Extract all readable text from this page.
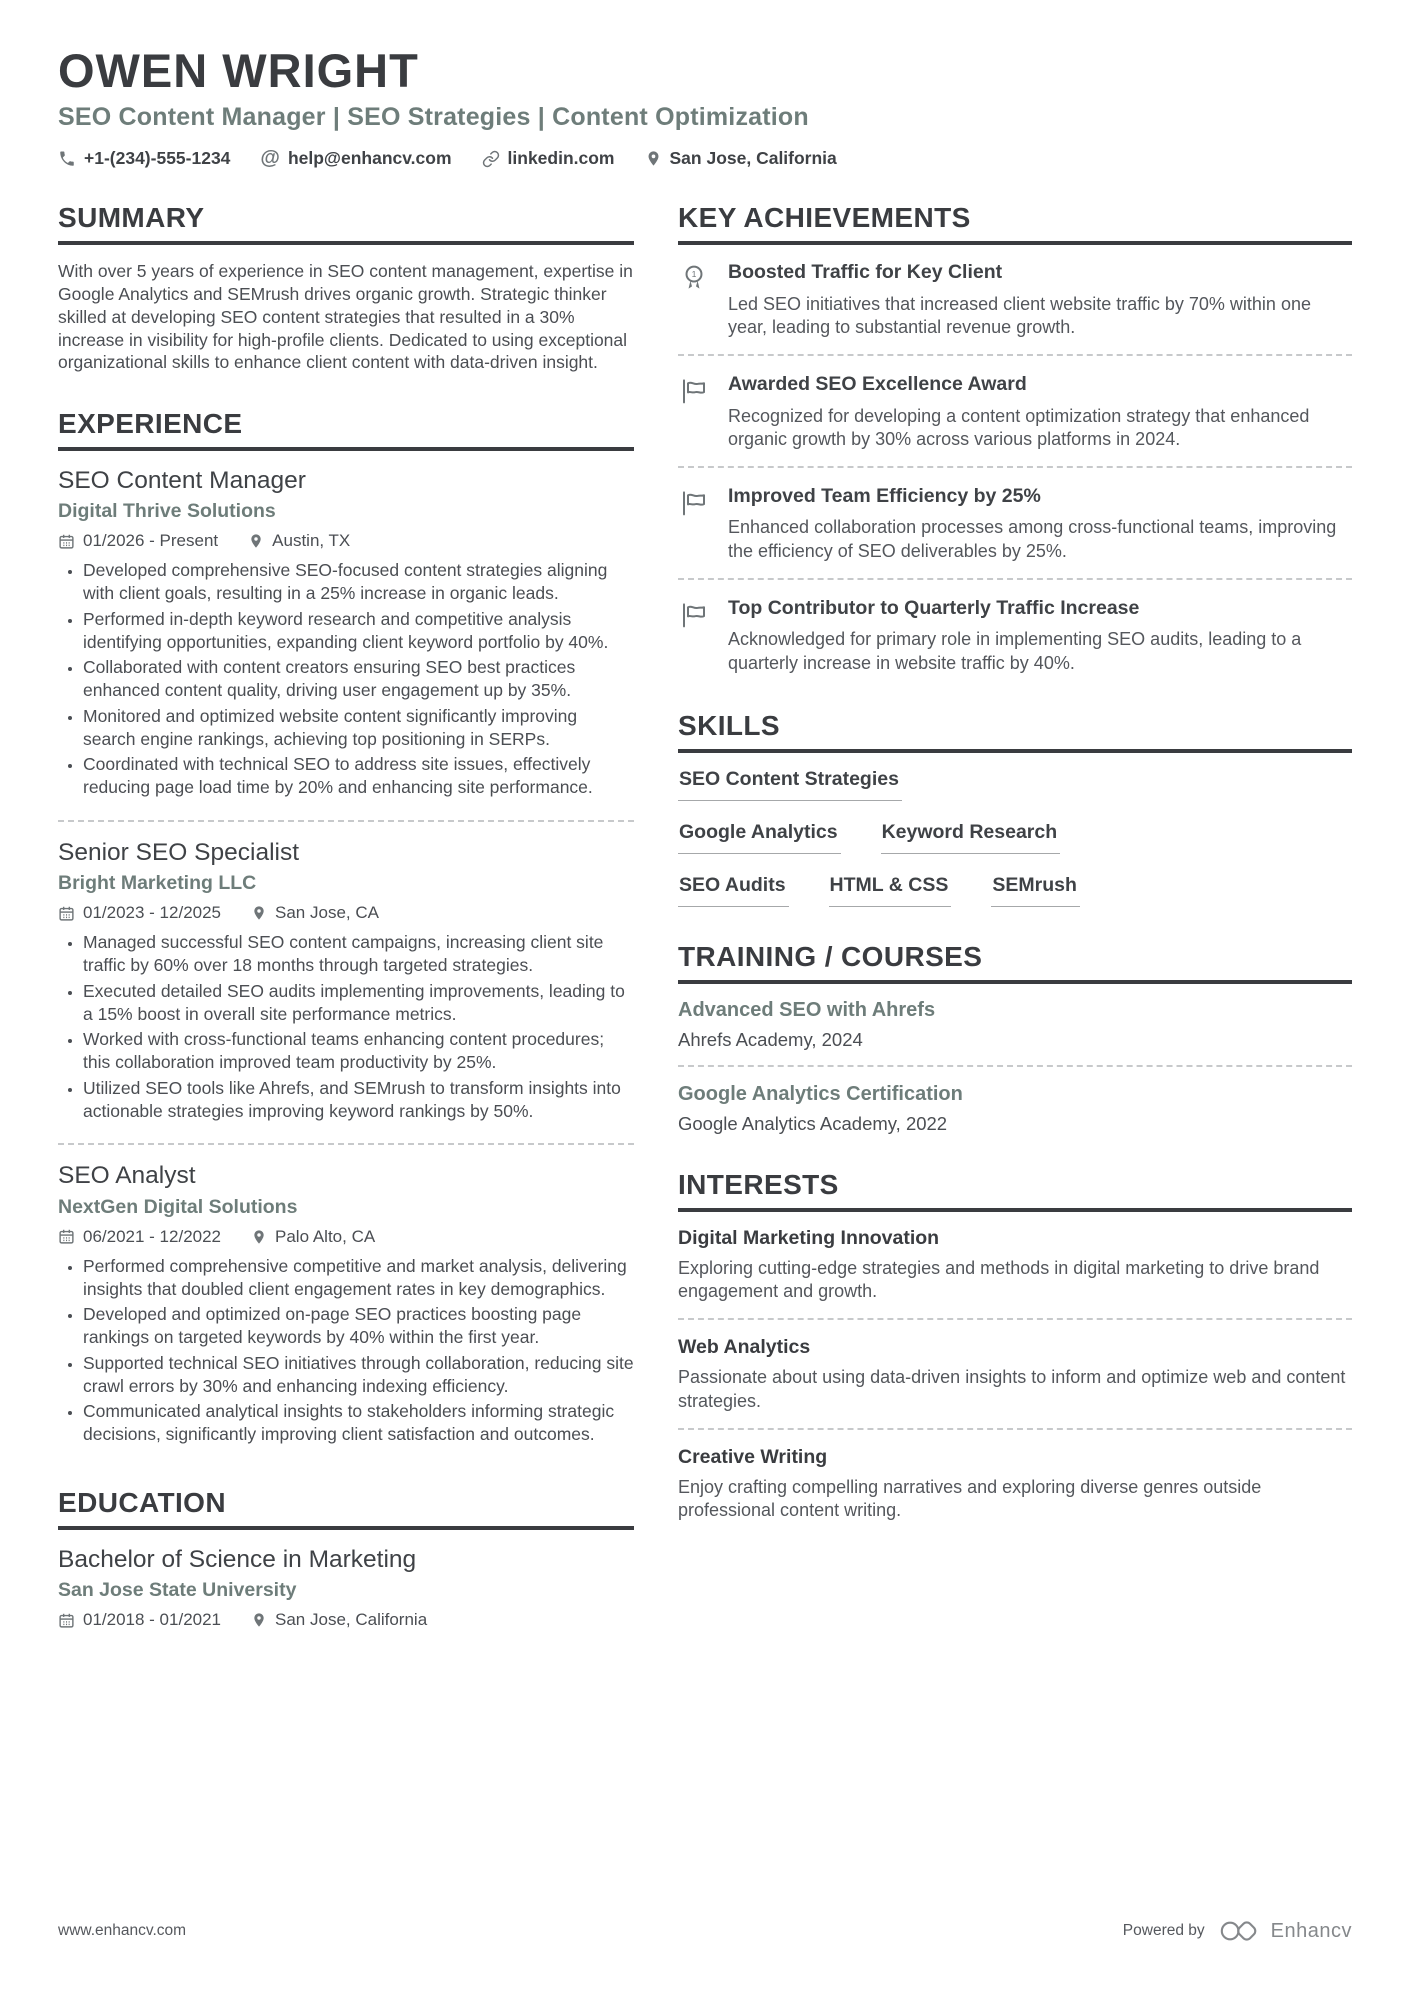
OWEN WRIGHT
SEO Content Manager | SEO Strategies | Content Optimization
+1-(234)-555-1234 @ help@enhancv.com	linkedin.com	San Jose, California
SUMMARY

With over 5 years of experience in SEO content management, expertise in Google Analytics and SEMrush drives organic growth. Strategic thinker skilled at developing SEO content strategies that resulted in a 30% increase in visibility for high-profile clients. Dedicated to using exceptional organizational skills to enhance client content with data-driven insight.

EXPERIENCE
SEO Content Manager
Digital Thrive Solutions
01/2026 - Present	Austin, TX
• Developed comprehensive SEO-focused content strategies aligning with client goals, resulting in a 25% increase in organic leads.
• Performed in-depth keyword research and competitive analysis identifying opportunities, expanding client keyword portfolio by 40%.
• Collaborated with content creators ensuring SEO best practices enhanced content quality, driving user engagement up by 35%.
• Monitored and optimized website content significantly improving search engine rankings, achieving top positioning in SERPs.
• Coordinated with technical SEO to address site issues, effectively reducing page load time by 20% and enhancing site performance.
Senior SEO Specialist
Bright Marketing LLC
01/2023 - 12/2025	San Jose, CA
• Managed successful SEO content campaigns, increasing client site traffic by 60% over 18 months through targeted strategies.
• Executed detailed SEO audits implementing improvements, leading to a 15% boost in overall site performance metrics.
• Worked with cross-functional teams enhancing content procedures; this collaboration improved team productivity by 25%.
• Utilized SEO tools like Ahrefs, and SEMrush to transform insights into actionable strategies improving keyword rankings by 50%.
SEO Analyst
NextGen Digital Solutions
06/2021 - 12/2022	Palo Alto, CA
• Performed comprehensive competitive and market analysis, delivering insights that doubled client engagement rates in key demographics.
• Developed and optimized on-page SEO practices boosting page rankings on targeted keywords by 40% within the first year.
• Supported technical SEO initiatives through collaboration, reducing site crawl errors by 30% and enhancing indexing efficiency.
• Communicated analytical insights to stakeholders informing strategic decisions, significantly improving client satisfaction and outcomes.
EDUCATION
Bachelor of Science in Marketing
San Jose State University
01/2018 - 01/2021	San Jose, California
KEY ACHIEVEMENTS
1 Boosted Traffic for Key Client
Led SEO initiatives that increased client website traffic by 70% within one year, leading to substantial revenue growth.
Awarded SEO Excellence Award
Recognized for developing a content optimization strategy that enhanced organic growth by 30% across various platforms in 2024.
Improved Team Efficiency by 25%
Enhanced collaboration processes among cross-functional teams, improving the efficiency of SEO deliverables by 25%.
Top Contributor to Quarterly Traffic Increase
Acknowledged for primary role in implementing SEO audits, leading to a quarterly increase in website traffic by 40%.
SKILLS
SEO Content Strategies
Google Analytics Keyword Research
SEO Audits HTML & CSS SEMrush
TRAINING / COURSES
Advanced SEO with Ahrefs
Ahrefs Academy, 2024
Google Analytics Certification
Google Analytics Academy, 2022
INTERESTS
Digital Marketing Innovation
Exploring cutting-edge strategies and methods in digital marketing to drive brand engagement and growth.
Web Analytics
Passionate about using data-driven insights to inform and optimize web and content strategies.
Creative Writing
Enjoy crafting compelling narratives and exploring diverse genres outside professional content writing.
www.enhancv.com	Powered by	Enhancv
